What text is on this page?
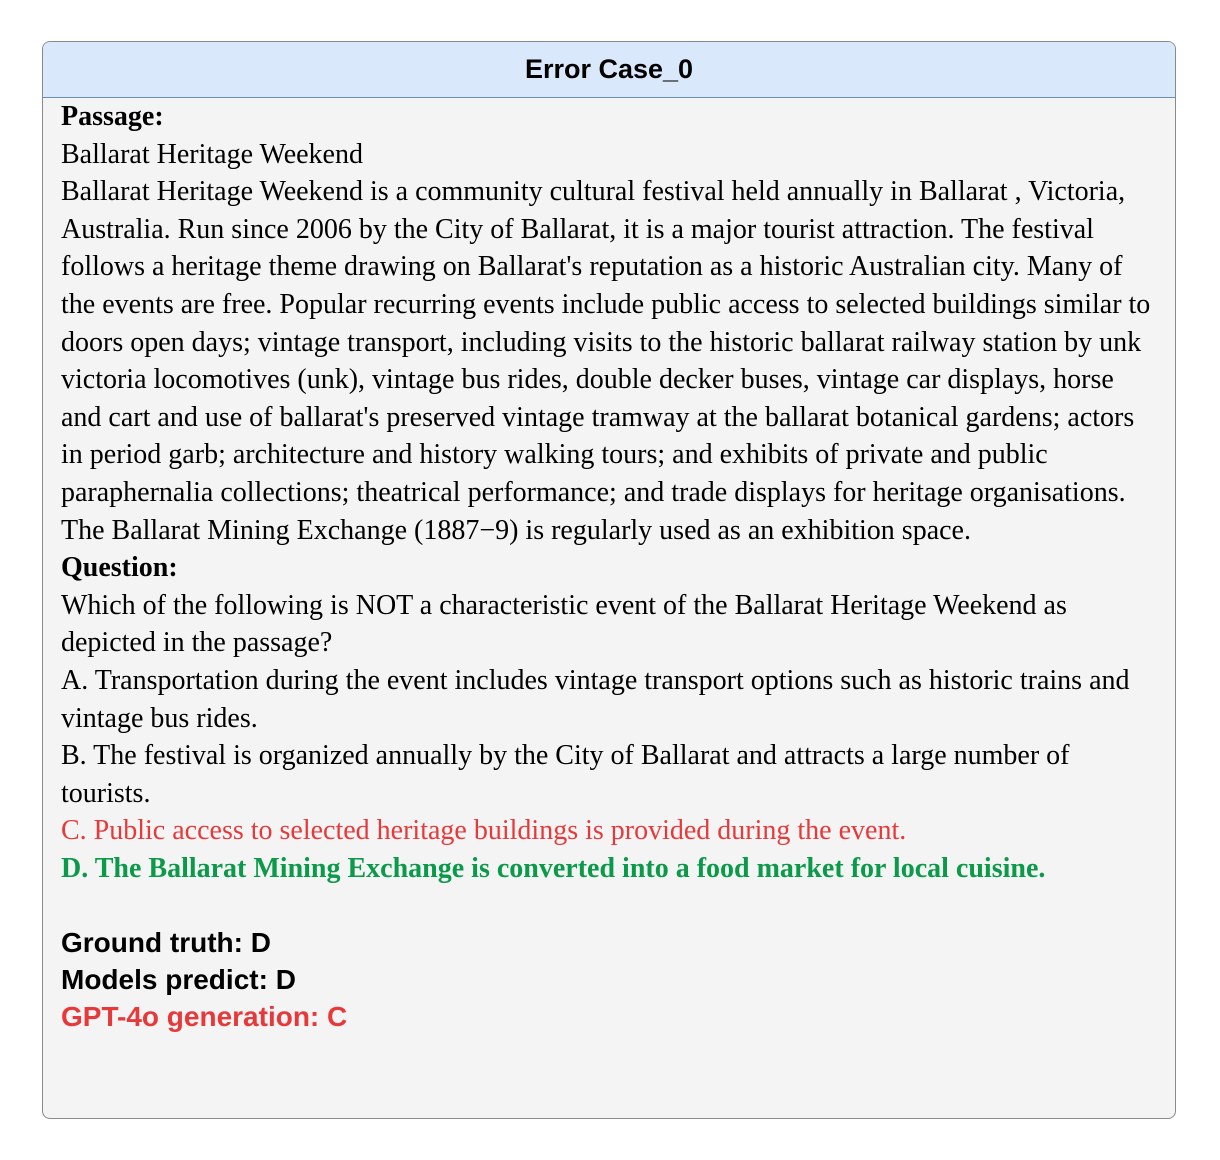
Error Case_0
Passage:
Ballarat Heritage Weekend
Ballarat Heritage Weekend is a community cultural festival held annually in Ballarat , Victoria, Australia. Run since 2006 by the City of Ballarat, it is a major tourist attraction. The festival follows a heritage theme drawing on Ballarat's reputation as a historic Australian city. Many of the events are free. Popular recurring events include public access to selected buildings similar to doors open days; vintage transport, including visits to the historic ballarat railway station by unk victoria locomotives (unk), vintage bus rides, double decker buses, vintage car displays, horse and cart and use of ballarat's preserved vintage tramway at the ballarat botanical gardens; actors in period garb; architecture and history walking tours; and exhibits of private and public paraphernalia collections; theatrical performance; and trade displays for heritage organisations. The Ballarat Mining Exchange (1887−9) is regularly used as an exhibition space.
Question:
Which of the following is NOT a characteristic event of the Ballarat Heritage Weekend as depicted in the passage?
A. Transportation during the event includes vintage transport options such as historic trains and vintage bus rides.
B. The festival is organized annually by the City of Ballarat and attracts a large number of tourists.
C. Public access to selected heritage buildings is provided during the event.
D. The Ballarat Mining Exchange is converted into a food market for local cuisine.
Ground truth: D
Models predict: D
GPT-4o generation: C
